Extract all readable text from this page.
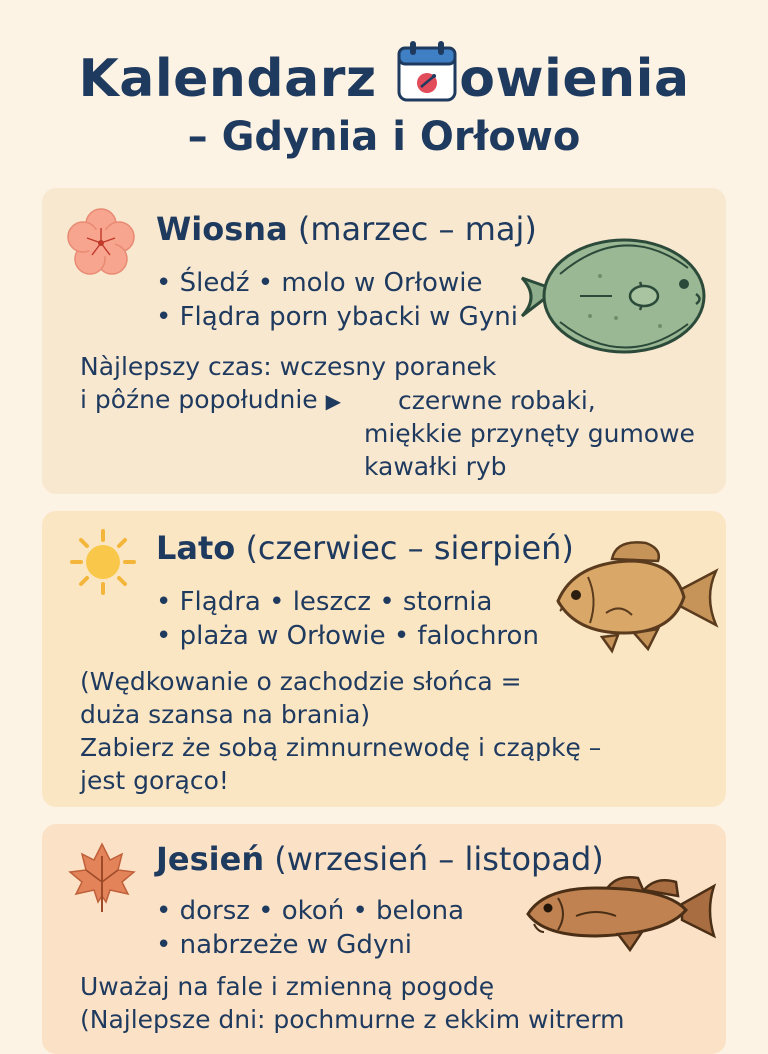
Kalendarz owienia
– Gdynia i Orłowo
Wiosna (marzec – maj)
• Śledź • molo w Orłowie
• Flądra porn ybacki w Gyni
Nàjlepszy czas: wczesny poranek
i pôźne popołudnie ▶	czerwne robaki,
miękkie przynęty gumowe
kawałki ryb
Lato (czerwiec – sierpień)
• Flądra • leszcz • stornia
• plaża w Orłowie • falochron
(Wędkowanie o zachodzie słońca =
duża szansa na brania)
Zabierz że sobą zimnurnewodę i cząpkę –
jest gorąco!
Jesień (wrzesień – listopad)
• dorsz • okoń • belona
• nabrzeże w Gdyni
Uważaj na fale i zmienną pogodę
(Najlepsze dni: pochmurne z ekkim witrerm
